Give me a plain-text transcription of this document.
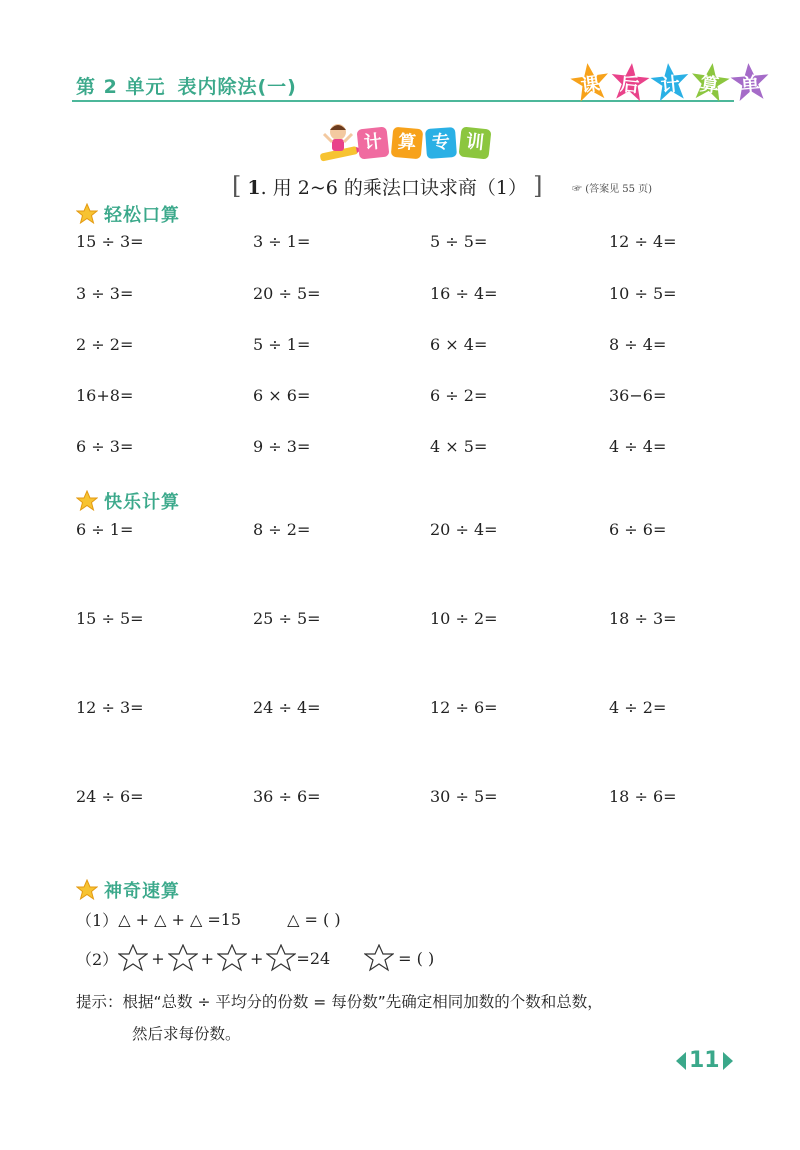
第 2 单元 表内除法(一)	课 后	计 算	单
计 算 专 训
[ 1. 用 2~6 的乘法口诀求商（1） ]	☞ (答案见 55 页)
轻松口算
15 ÷ 3=	3 ÷ 1=	5 ÷ 5=	12 ÷ 4=
3 ÷ 3=	20 ÷ 5=	16 ÷ 4=	10 ÷ 5=
2 ÷ 2=	5 ÷ 1=	6 × 4=	8 ÷ 4=
16+8=	6 × 6=	6 ÷ 2=	36−6=
6 ÷ 3=	9 ÷ 3=	4 × 5=	4 ÷ 4=
快乐计算
6 ÷ 1=	8 ÷ 2=	20 ÷ 4=	6 ÷ 6=
15 ÷ 5=	25 ÷ 5=	10 ÷ 2=	18 ÷ 3=
12 ÷ 3=	24 ÷ 4=	12 ÷ 6=	4 ÷ 2=
24 ÷ 6=	36 ÷ 6=	30 ÷ 5=	18 ÷ 6=
神奇速算
（1） △ + △ + △ =15	△ = ( )
（2） + + + =24	= ( )
提示：根据“总数 ÷ 平均分的份数 = 每份数”先确定相同加数的个数和总数，
然后求每份数。
11
